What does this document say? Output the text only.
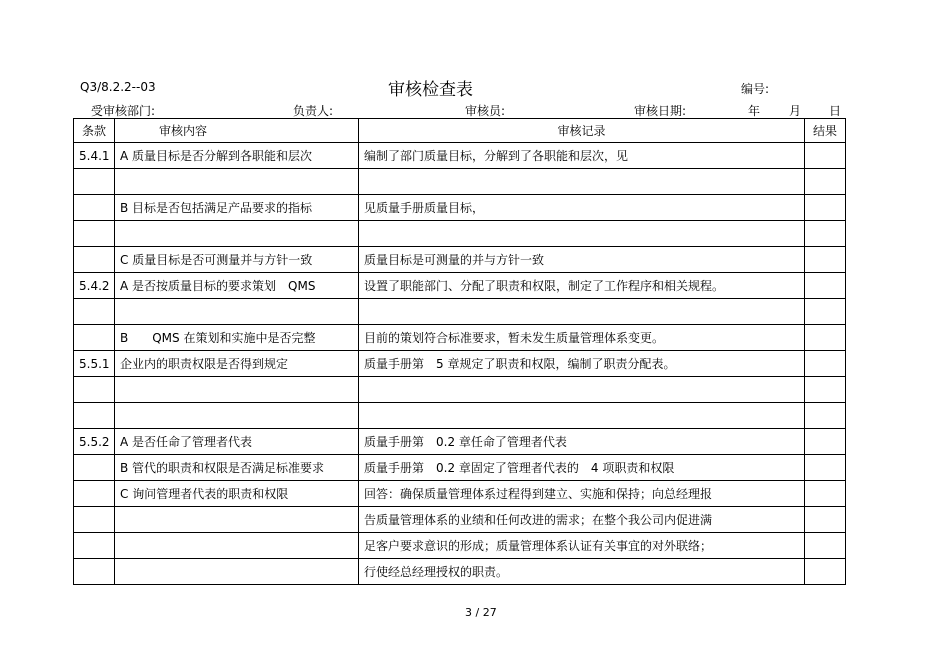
Q3/8.2.2--03	审核检查表	编号:
受审核部门:	负责人:	审核员:	审核日期:	年 月 日
条款	审核内容	审核记录	结果
5.4.1	A 质量目标是否分解到各职能和层次	编制了部门质量目标，分解到了各职能和层次，见	

	B 目标是否包括满足产品要求的指标	见质量手册质量目标，	

	C 质量目标是否可测量并与方针一致	质量目标是可测量的并与方针一致	
5.4.2	A 是否按质量目标的要求策划　QMS	设置了职能部门、分配了职责和权限，制定了工作程序和相关规程。	

	B　　QMS 在策划和实施中是否完整	目前的策划符合标准要求，暂未发生质量管理体系变更。	
5.5.1	企业内的职责权限是否得到规定	质量手册第　5 章规定了职责和权限，编制了职责分配表。	

5.5.2	A 是否任命了管理者代表	质量手册第　0.2 章任命了管理者代表	
	B 管代的职责和权限是否满足标准要求	质量手册第　0.2 章固定了管理者代表的　4 项职责和权限	
	C 询问管理者代表的职责和权限	回答：确保质量管理体系过程得到建立、实施和保持；向总经理报	
		告质量管理体系的业绩和任何改进的需求；在整个我公司内促进满	
		足客户要求意识的形成；质量管理体系认证有关事宜的对外联络；	
		行使经总经理授权的职责。	
3 / 27
